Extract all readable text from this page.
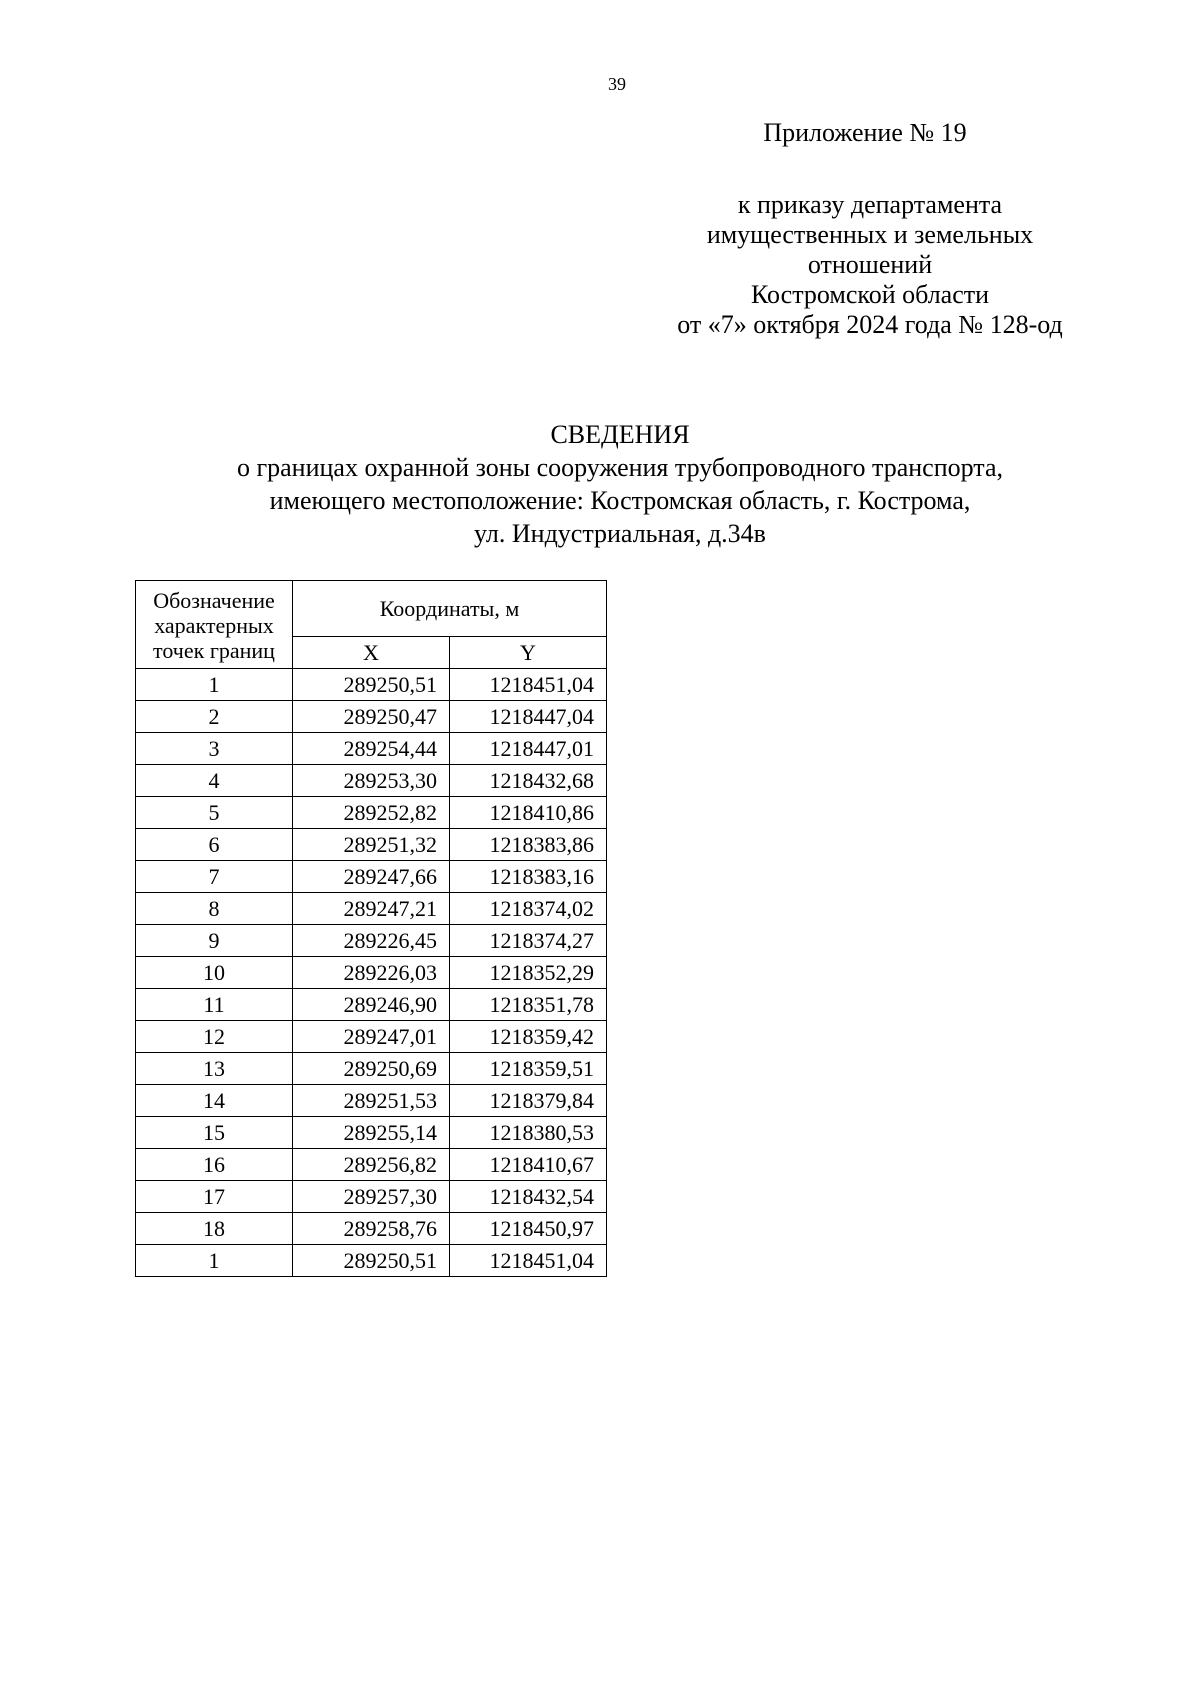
39
Приложение № 19
к приказу департамента
имущественных и земельных
отношений
Костромской области
от «7» октября 2024 года № 128-од
СВЕДЕНИЯ
о границах охранной зоны сооружения трубопроводного транспорта,
имеющего местоположение: Костромская область, г. Кострома,
ул. Индустриальная, д.34в
Обозначение характерных точек границ	Координаты, м	
	X	Y
1	289250,51	1218451,04
2	289250,47	1218447,04
3	289254,44	1218447,01
4	289253,30	1218432,68
5	289252,82	1218410,86
6	289251,32	1218383,86
7	289247,66	1218383,16
8	289247,21	1218374,02
9	289226,45	1218374,27
10	289226,03	1218352,29
11	289246,90	1218351,78
12	289247,01	1218359,42
13	289250,69	1218359,51
14	289251,53	1218379,84
15	289255,14	1218380,53
16	289256,82	1218410,67
17	289257,30	1218432,54
18	289258,76	1218450,97
1	289250,51	1218451,04
